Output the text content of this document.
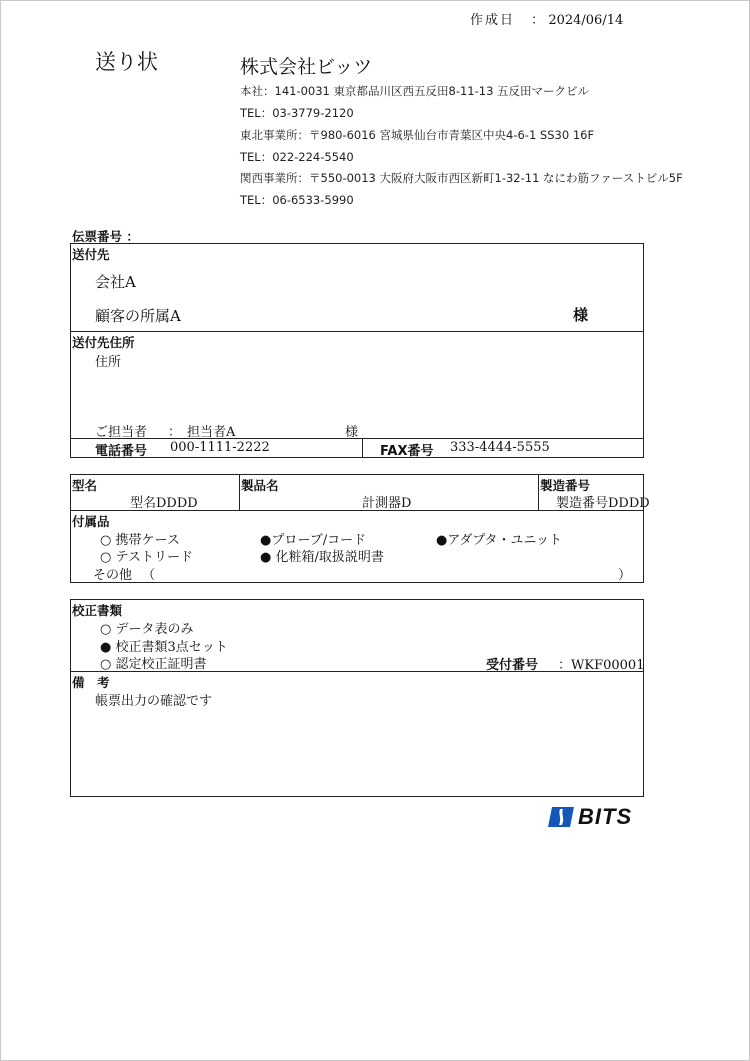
作成日 ： 2024/06/14
送り状	株式会社ビッツ
本社：141-0031 東京都品川区西五反田8-11-13 五反田マークビル
TEL：03-3779-2120
東北事業所：〒980-6016 宮城県仙台市青葉区中央4-6-1 SS30 16F
TEL：022-224-5540
関西事業所：〒550-0013 大阪府大阪市西区新町1-32-11 なにわ筋ファーストビル5F
TEL：06-6533-5990
伝票番号 ：
送付先
会社A
顧客の所属A	様
送付先住所
住所
ご担当者 ： 担当者A	様
電話番号 000-1111-2222	FAX番号 333-4444-5555
型名
型名DDDD
製品名
計測器D
製造番号
製造番号DDDD
付属品
○ 携帯ケース	●プローブ/コード	●アダプタ・ユニット
○ テストリード	● 化粧箱/取扱説明書
その他 （	）
校正書類
○ データ表のみ
● 校正書類3点セット
○ 認定校正証明書	受付番号 ：WKF00001
備　考
帳票出力の確認です
BITS
